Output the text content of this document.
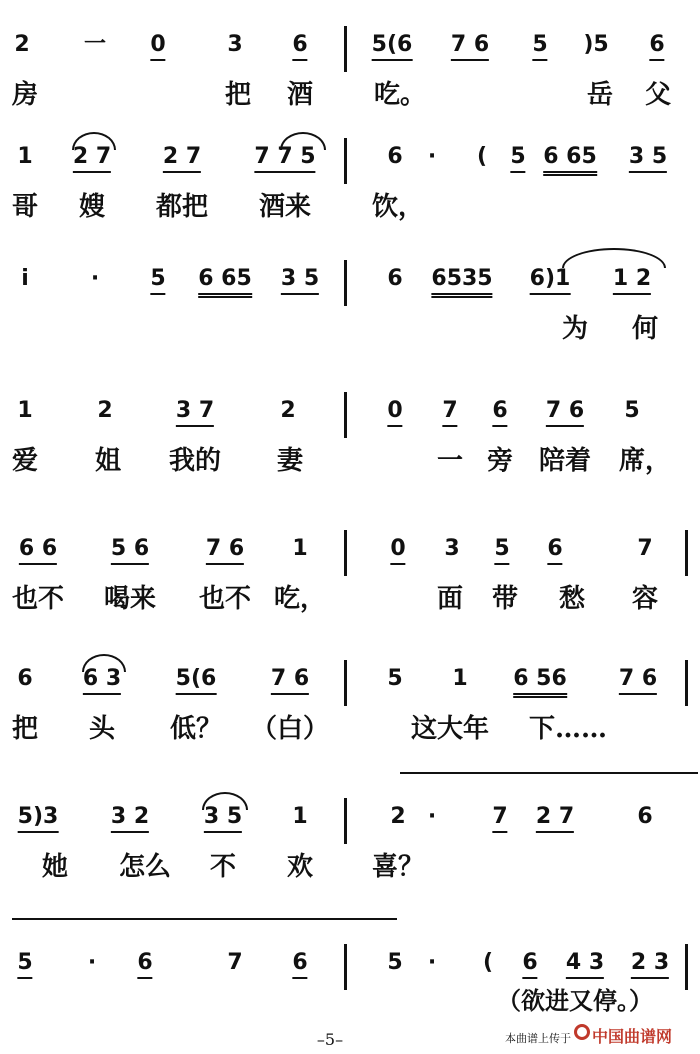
2 一 0	3 6	5(6 7 6 5 )5 6
房	把 酒 吃。	岳 父
1 2 7 2 7 7 7 5	6 · ( 5 6 65 3 5
哥 嫂 都把 酒来 饮，
i	· 5 6 65 3 5	6 6535 6)1 1 2
为 何
1	2	3 7	2	0 7 6 7 6 5
爱 姐 我的 妻	一 旁 陪着 席，
6 6 5 6	7 6 1	0 3 5 6	7
也不 喝来 也不 吃，	面 带 愁 容
6 6 3 5(6 7 6	5 1 6 56 7 6
把 头 低？ （白）	这大年 下……
5)3 3 2 3 5 1	2 ·	7 2 7	6
她 怎么 不 欢 喜？
5	· 6	7 6	5 · ( 6 4 3 2 3
（欲进又停。）
–5–	本曲谱上传于 中国曲谱网
